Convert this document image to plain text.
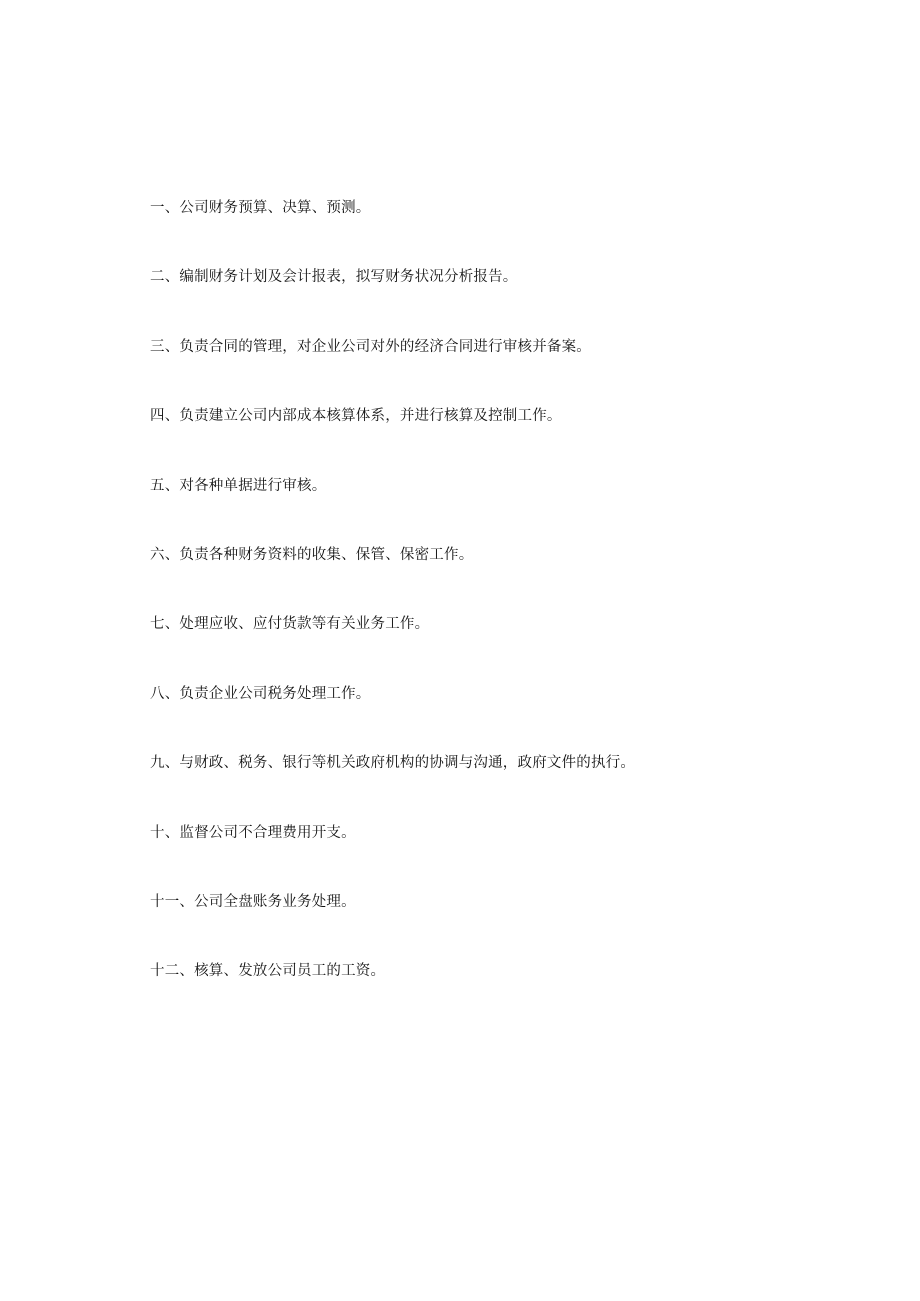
一、公司财务预算、决算、预测。
二、编制财务计划及会计报表，拟写财务状况分析报告。
三、负责合同的管理，对企业公司对外的经济合同进行审核并备案。
四、负责建立公司内部成本核算体系，并进行核算及控制工作。
五、对各种单据进行审核。
六、负责各种财务资料的收集、保管、保密工作。
七、处理应收、应付货款等有关业务工作。
八、负责企业公司税务处理工作。
九、与财政、税务、银行等机关政府机构的协调与沟通，政府文件的执行。
十、监督公司不合理费用开支。
十一、公司全盘账务业务处理。
十二、核算、发放公司员工的工资。
